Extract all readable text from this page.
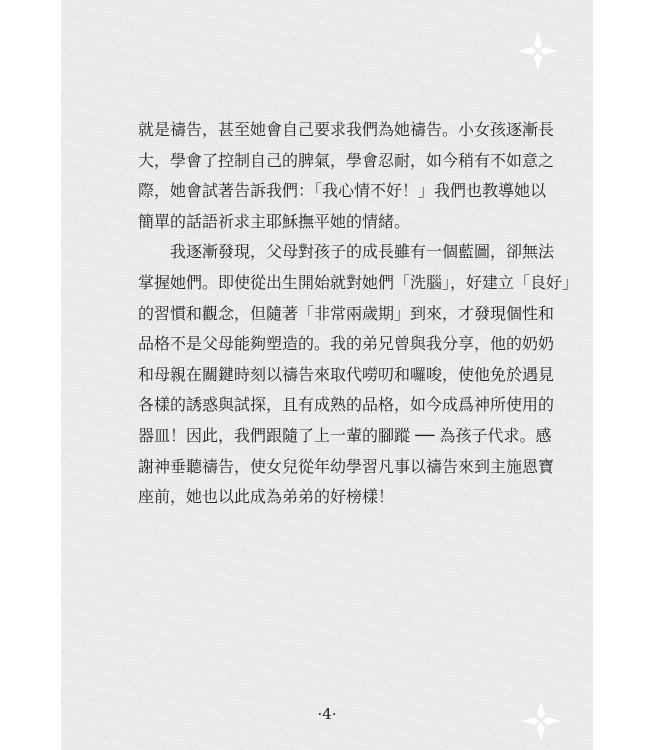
就是禱告，甚至她會自己要求我們為她禱告。小女孩逐漸長
大，學會了控制自己的脾氣，學會忍耐，如今稍有不如意之
際，她會試著告訴我們：「我心情不好！」我們也教導她以
簡單的話語祈求主耶穌撫平她的情緒。
我逐漸發現，父母對孩子的成長雖有一個藍圖，卻無法
掌握她們。即使從出生開始就對她們「洗腦」，好建立「良好」
的習慣和觀念，但隨著「非常兩歲期」到來，才發現個性和
品格不是父母能夠塑造的。我的弟兄曾與我分享，他的奶奶
和母親在關鍵時刻以禱告來取代嘮叨和囉唆，使他免於遇見
各樣的誘惑與試探，且有成熟的品格，如今成爲神所使用的
器皿！因此，我們跟隨了上一輩的腳蹤 ── 為孩子代求。感
謝神垂聽禱告，使女兒從年幼學習凡事以禱告來到主施恩寶
座前，她也以此成為弟弟的好榜樣！
·4·
